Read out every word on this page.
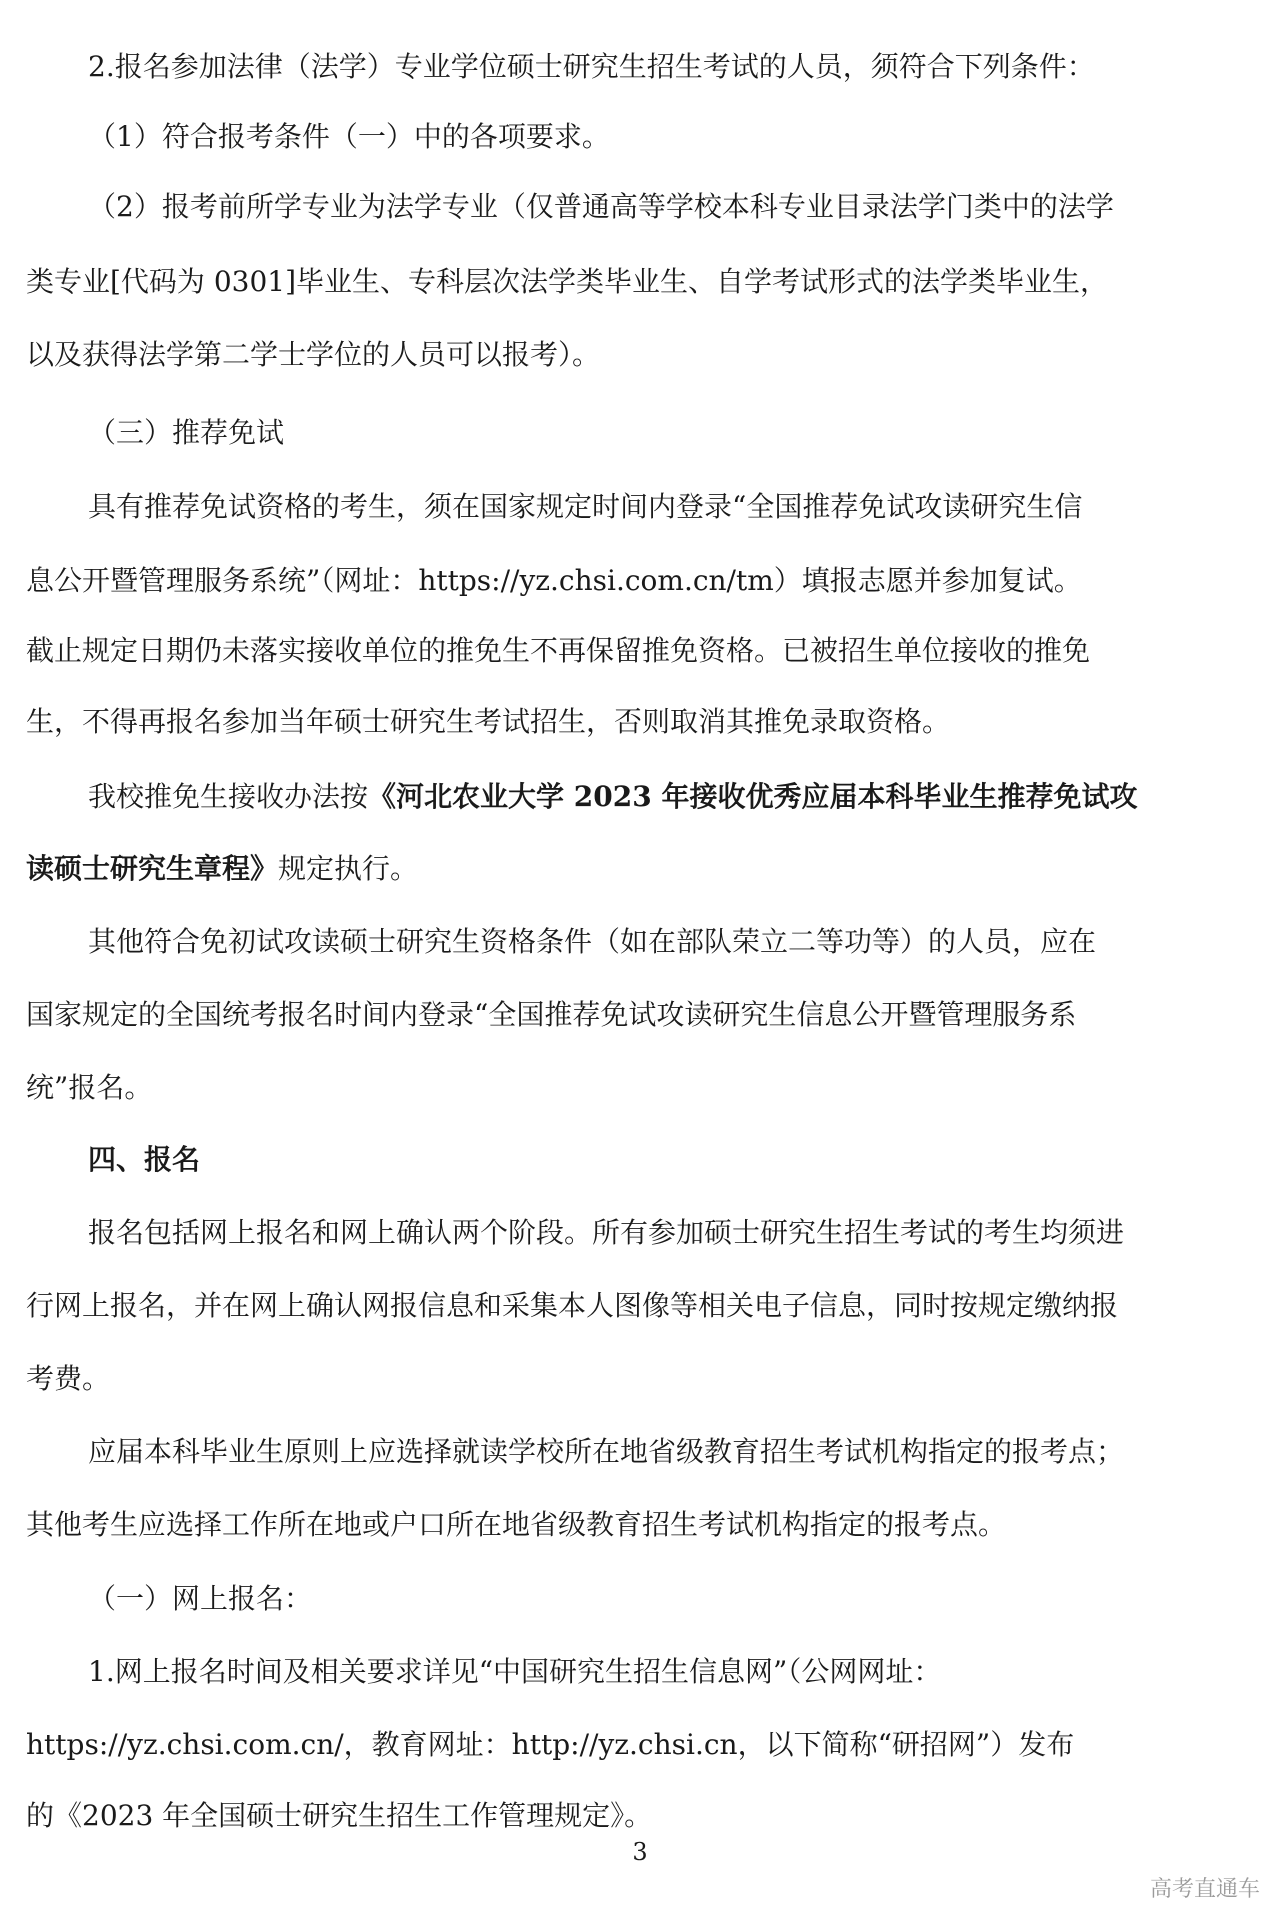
2.报名参加法律（法学）专业学位硕士研究生招生考试的人员，须符合下列条件：
（1）符合报考条件（一）中的各项要求。
（2）报考前所学专业为法学专业（仅普通高等学校本科专业目录法学门类中的法学
类专业[代码为 0301]毕业生、专科层次法学类毕业生、自学考试形式的法学类毕业生，
以及获得法学第二学士学位的人员可以报考）。
（三）推荐免试
具有推荐免试资格的考生，须在国家规定时间内登录“全国推荐免试攻读研究生信
息公开暨管理服务系统”（网址：https://yz.chsi.com.cn/tm）填报志愿并参加复试。
截止规定日期仍未落实接收单位的推免生不再保留推免资格。已被招生单位接收的推免
生，不得再报名参加当年硕士研究生考试招生，否则取消其推免录取资格。
我校推免生接收办法按《河北农业大学 2023 年接收优秀应届本科毕业生推荐免试攻
读硕士研究生章程》规定执行。
其他符合免初试攻读硕士研究生资格条件（如在部队荣立二等功等）的人员，应在
国家规定的全国统考报名时间内登录“全国推荐免试攻读研究生信息公开暨管理服务系
统”报名。
四、报名
报名包括网上报名和网上确认两个阶段。所有参加硕士研究生招生考试的考生均须进
行网上报名，并在网上确认网报信息和采集本人图像等相关电子信息，同时按规定缴纳报
考费。
应届本科毕业生原则上应选择就读学校所在地省级教育招生考试机构指定的报考点；
其他考生应选择工作所在地或户口所在地省级教育招生考试机构指定的报考点。
（一）网上报名：
1.网上报名时间及相关要求详见“中国研究生招生信息网”（公网网址：
https://yz.chsi.com.cn/，教育网址：http://yz.chsi.cn，以下简称“研招网”）发布
的《2023 年全国硕士研究生招生工作管理规定》。
3
高考直通车
